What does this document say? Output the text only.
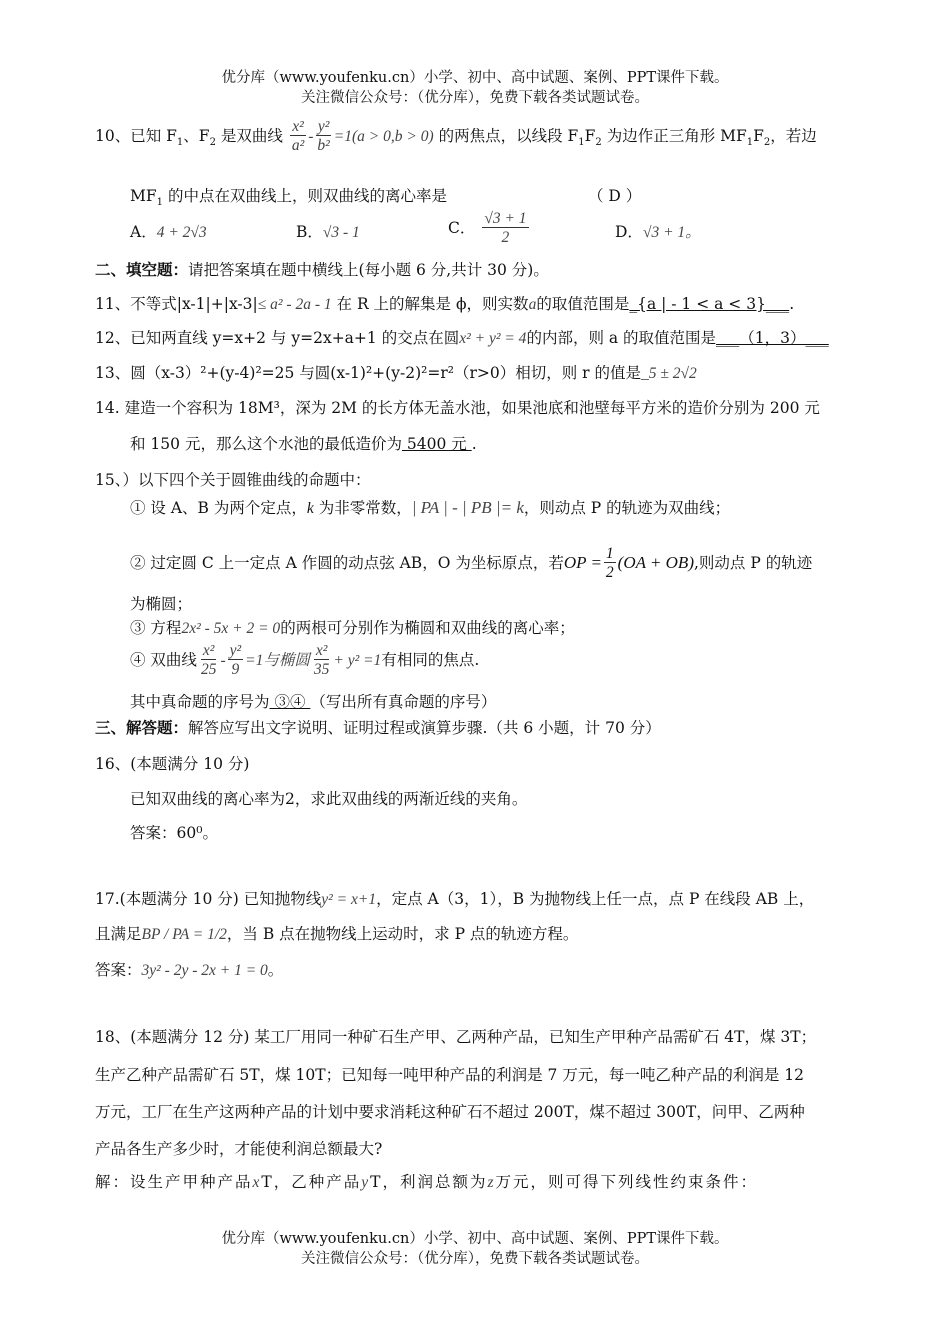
优分库（www.youfenku.cn）小学、初中、高中试题、案例、PPT课件下载。
关注微信公众号：（优分库），免费下载各类试题试卷。
10、已知 $F_1$、$F_2$ 是双曲线 $\frac{\text{x²}}{\text{a²}} - \frac{\text{y²}}{\text{b²}} =1(a > 0,b > 0)$ 的两焦点，以线段 $F_1F_2$ 为边作正三角形 $MF_1F_2$，若边
$MF_1$ 的中点在双曲线上，则双曲线的离心率是	（ D ）
A．4 + 2√3	B．√3 - 1	C． $\frac{√3 + 1}{2}$	D．√3 + 1。
二、填空题：请把答案填在题中横线上(每小题 6 分,共计 30 分)。
11、不等式|x-1|+|x-3|≤ a² - 2a - 1 在 R 上的解集是 ϕ，则实数a的取值范围是_{a | - 1 < a < 3}___.
12、已知两直线 y=x+2 与 y=2x+a+1 的交点在圆x² + y² = 4的内部，则 a 的取值范围是___（1，3）___
13、圆（x-3）²+(y-4)²=25 与圆(x-1)²+(y-2)²=r²（r>0）相切，则 r 的值是_5 ± 2√2
14. 建造一个容积为 18M³，深为 2M 的长方体无盖水池，如果池底和池壁每平方米的造价分别为 200 元
和 150 元，那么这个水池的最低造价为 5400 元 .
15、）以下四个关于圆锥曲线的命题中：
① 设 A、B 为两个定点，k 为非零常数，| PA | - | PB |= k，则动点 P 的轨迹为双曲线；
② 过定圆 C 上一定点 A 作圆的动点弦 AB，O 为坐标原点，若OP = $\frac{1}{2} (OA + OB)$,则动点 P 的轨迹
为椭圆；
③ 方程2x² - 5x + 2 = 0的两根可分别作为椭圆和双曲线的离心率；
④ 双曲线 $\frac{\text{x²}}{25} - \frac{\text{y²}}{9} =1$与椭圆 $\frac{\text{x²}}{35} + y^2 =1$有相同的焦点.
其中真命题的序号为 ③④ （写出所有真命题的序号）
三、解答题：解答应写出文字说明、证明过程或演算步骤.（共 6 小题，计 70 分）
16、(本题满分 10 分)
已知双曲线的离心率为2，求此双曲线的两渐近线的夹角。
答案：60⁰。
17.(本题满分 10 分) 已知抛物线y² = x+1，定点 A（3，1），B 为抛物线上任一点，点 P 在线段 AB 上，
且满足BP / PA = 1/2，当 B 点在抛物线上运动时，求 P 点的轨迹方程。
答案：3y² - 2y - 2x + 1 = 0。
18、(本题满分 12 分) 某工厂用同一种矿石生产甲、乙两种产品，已知生产甲种产品需矿石 4T，煤 3T；
生产乙种产品需矿石 5T，煤 10T；已知每一吨甲种产品的利润是 7 万元，每一吨乙种产品的利润是 12
万元，工厂在生产这两种产品的计划中要求消耗这种矿石不超过 200T，煤不超过 300T，问甲、乙两种
产品各生产多少时，才能使利润总额最大?
解：设生产甲种产品xT，乙种产品yT，利润总额为z万元，则可得下列线性约束条件：
优分库（www.youfenku.cn）小学、初中、高中试题、案例、PPT课件下载。
关注微信公众号：（优分库），免费下载各类试题试卷。
